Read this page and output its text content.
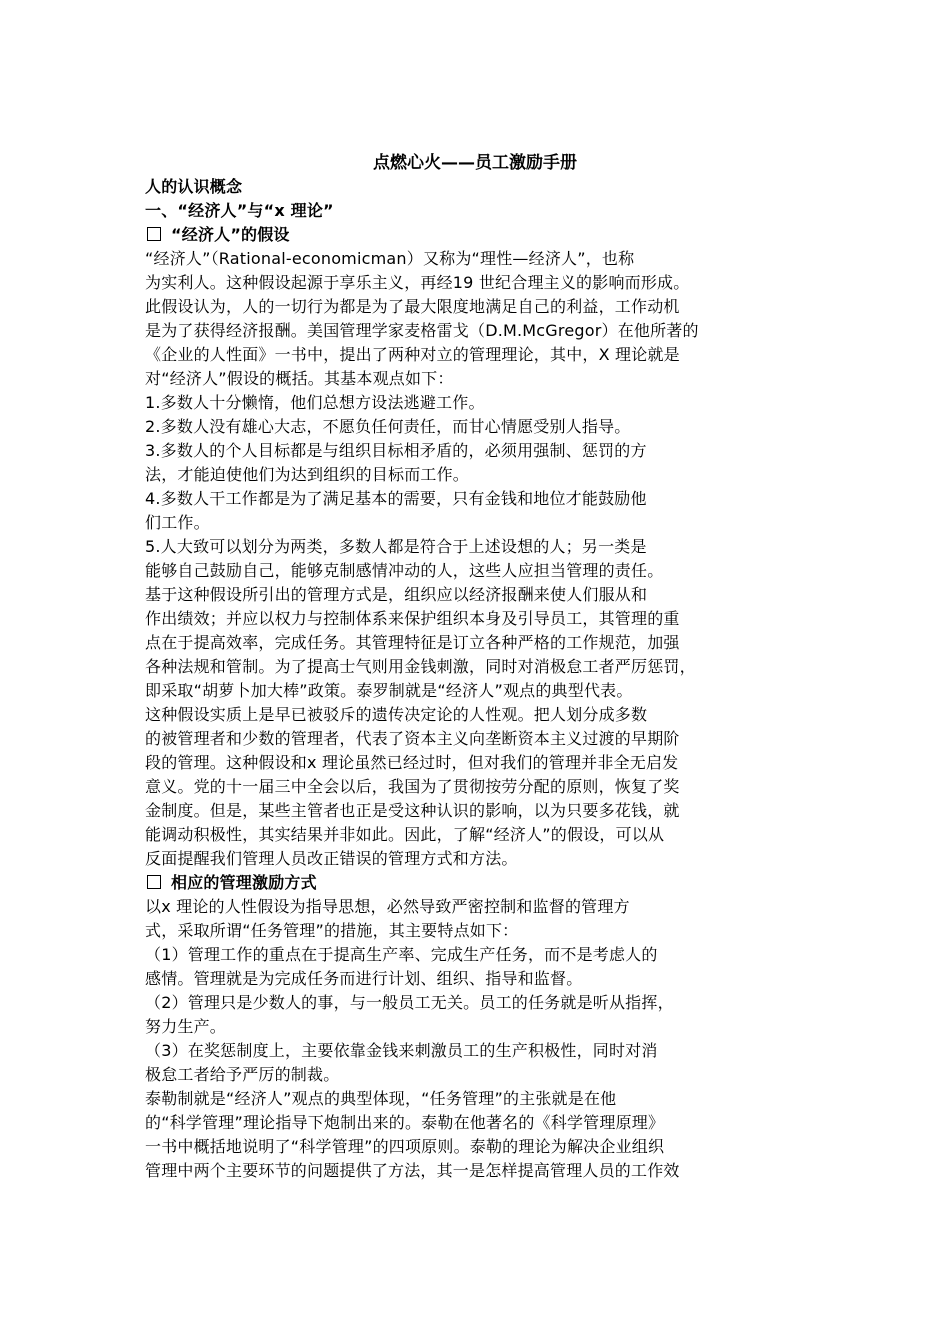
点燃心火——员工激励手册
人的认识概念
一、“经济人”与“x 理论”
“经济人”的假设
“经济人”（Rational-economicman）又称为“理性—经济人”，也称
为实利人。这种假设起源于享乐主义，再经19 世纪合理主义的影响而形成。
此假设认为，人的一切行为都是为了最大限度地满足自己的利益，工作动机
是为了获得经济报酬。美国管理学家麦格雷戈（D.M.McGregor）在他所著的
《企业的人性面》一书中，提出了两种对立的管理理论，其中，X 理论就是
对“经济人”假设的概括。其基本观点如下：
1.多数人十分懒惰，他们总想方设法逃避工作。
2.多数人没有雄心大志，不愿负任何责任，而甘心情愿受别人指导。
3.多数人的个人目标都是与组织目标相矛盾的，必须用强制、惩罚的方
法，才能迫使他们为达到组织的目标而工作。
4.多数人干工作都是为了满足基本的需要，只有金钱和地位才能鼓励他
们工作。
5.人大致可以划分为两类，多数人都是符合于上述设想的人；另一类是
能够自己鼓励自己，能够克制感情冲动的人，这些人应担当管理的责任。
基于这种假设所引出的管理方式是，组织应以经济报酬来使人们服从和
作出绩效；并应以权力与控制体系来保护组织本身及引导员工，其管理的重
点在于提高效率，完成任务。其管理特征是订立各种严格的工作规范，加强
各种法规和管制。为了提高士气则用金钱刺激，同时对消极怠工者严厉惩罚，
即采取“胡萝卜加大棒”政策。泰罗制就是“经济人”观点的典型代表。
这种假设实质上是早已被驳斥的遗传决定论的人性观。把人划分成多数
的被管理者和少数的管理者，代表了资本主义向垄断资本主义过渡的早期阶
段的管理。这种假设和x 理论虽然已经过时，但对我们的管理并非全无启发
意义。党的十一届三中全会以后，我国为了贯彻按劳分配的原则，恢复了奖
金制度。但是，某些主管者也正是受这种认识的影响，以为只要多花钱，就
能调动积极性，其实结果并非如此。因此，了解“经济人”的假设，可以从
反面提醒我们管理人员改正错误的管理方式和方法。
相应的管理激励方式
以x 理论的人性假设为指导思想，必然导致严密控制和监督的管理方
式，采取所谓“任务管理”的措施，其主要特点如下：
（1）管理工作的重点在于提高生产率、完成生产任务，而不是考虑人的
感情。管理就是为完成任务而进行计划、组织、指导和监督。
（2）管理只是少数人的事，与一般员工无关。员工的任务就是听从指挥，
努力生产。
（3）在奖惩制度上，主要依靠金钱来刺激员工的生产积极性，同时对消
极怠工者给予严厉的制裁。
泰勒制就是“经济人”观点的典型体现，“任务管理”的主张就是在他
的“科学管理”理论指导下炮制出来的。泰勒在他著名的《科学管理原理》
一书中概括地说明了“科学管理”的四项原则。泰勒的理论为解决企业组织
管理中两个主要环节的问题提供了方法，其一是怎样提高管理人员的工作效
